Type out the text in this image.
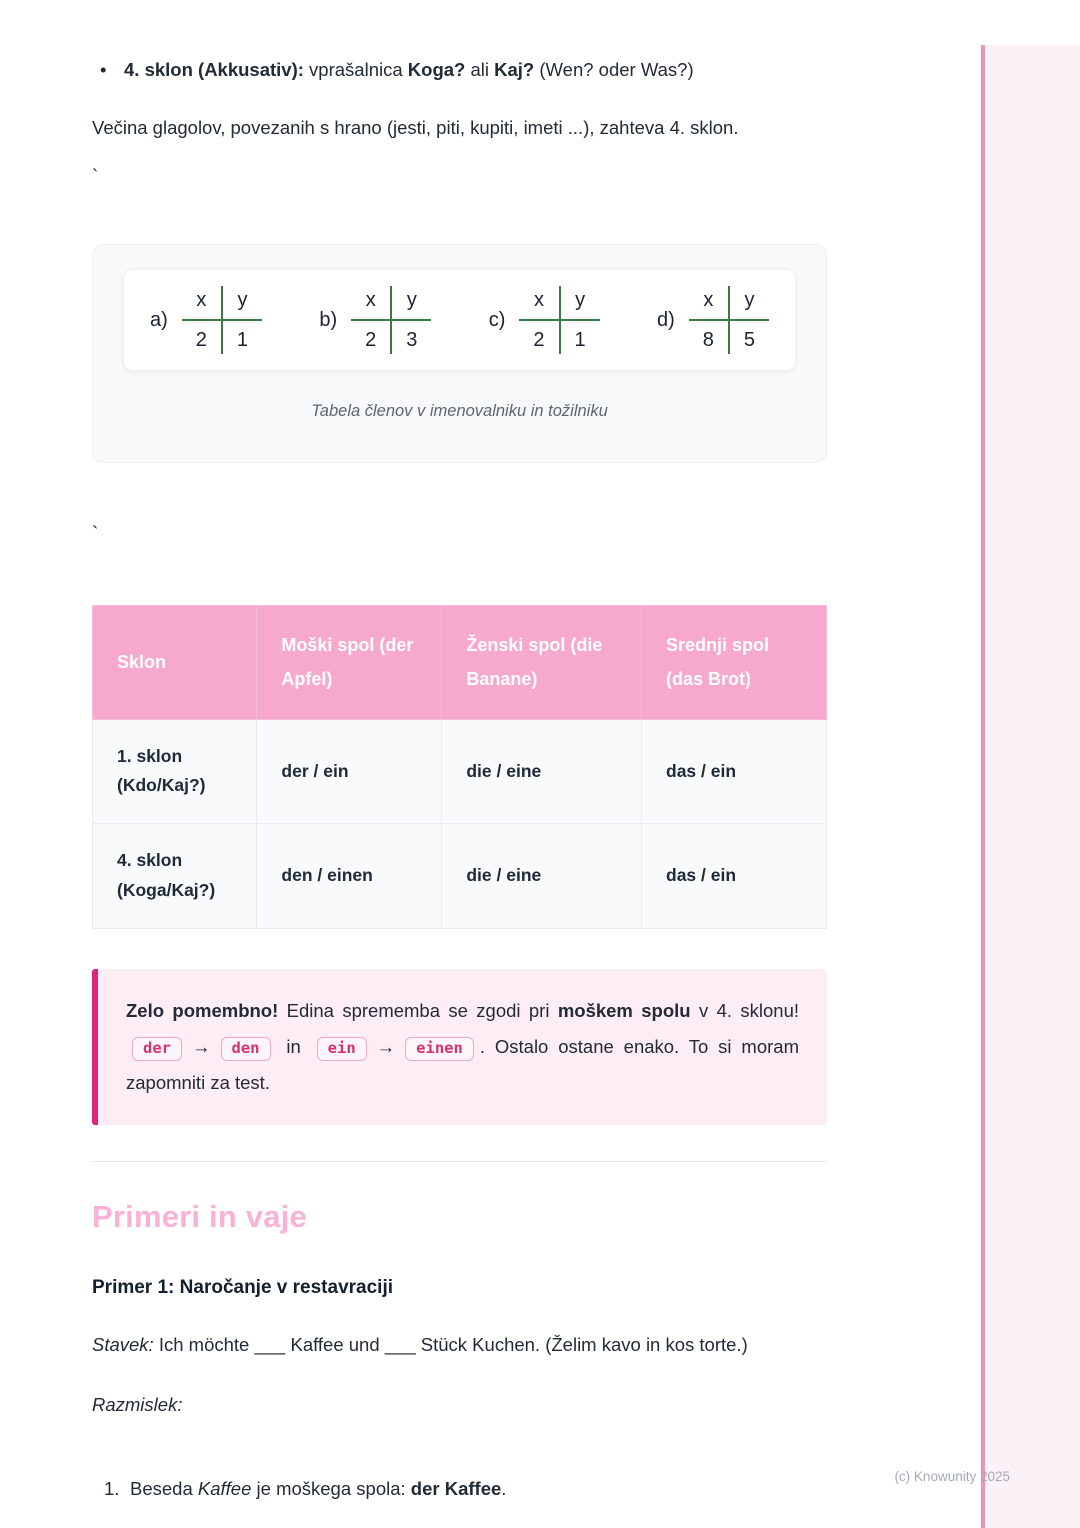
• 4. sklon (Akkusativ): vprašalnica Koga? ali Kaj? (Wen? oder Was?)
Večina glagolov, povezanih s hrano (jesti, piti, kupiti, imeti ...), zahteva 4. sklon.
`
a)
x	y
2	1
b)
x	y
2	3
c)
x	y
2	1
d)
x	y
8	5
Tabela členov v imenovalniku in tožilniku
`
Sklon	Moški spol (der Apfel)	Ženski spol (die Banane)	Srednji spol (das Brot)

1. sklon
(Kdo/Kaj?)	der / ein	die / eine	das / ein

4. sklon
(Koga/Kaj?)	den / einen	die / eine	das / ein
Zelo pomembno! Edina sprememba se zgodi pri moškem spolu v 4. sklonu! der → den in ein → einen . Ostalo ostane enako. To si moram zapomniti za test.
Primeri in vaje
Primer 1: Naročanje v restavraciji
Stavek: Ich möchte ___ Kaffee und ___ Stück Kuchen. (Želim kavo in kos torte.)
Razmislek:
1. Beseda Kaffee je moškega spola: der Kaffee.
(c) Knowunity 2025
